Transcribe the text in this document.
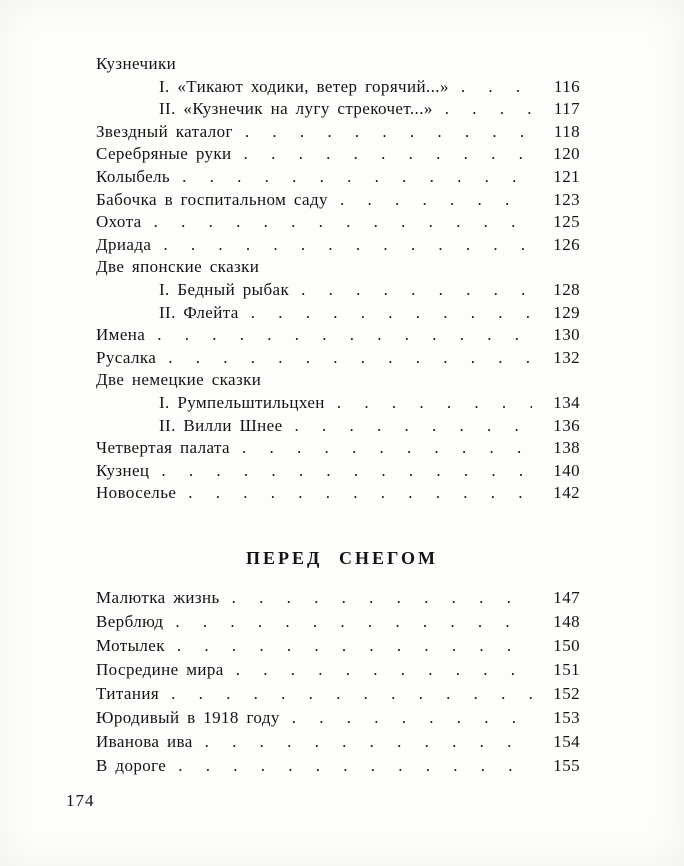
Кузнечики
I. «Тикают ходики, ветер горячий...» . . .	116
II. «Кузнечик на лугу стрекочет...» . . .	117
Звездный каталог . . .	118
Серебряные руки . . .	120
Колыбель . . .	121
Бабочка в госпитальном саду . . .	123
Охота . . .	125
Дриада . . .	126
Две японские сказки
I. Бедный рыбак . . .	128
II. Флейта . . .	129
Имена . . .	130
Русалка . . .	132
Две немецкие сказки
I. Румпельштильцхен . . .	134
II. Вилли Шнее . . .	136
Четвертая палата . . .	138
Кузнец . . .	140
Новоселье . . .	142
ПЕРЕД СНЕГОМ
Малютка жизнь . . .	147
Верблюд . . .	148
Мотылек . . .	150
Посредине мира . . .	151
Титания . . .	152
Юродивый в 1918 году . . .	153
Иванова ива . . .	154
В дороге . . .	155
174
